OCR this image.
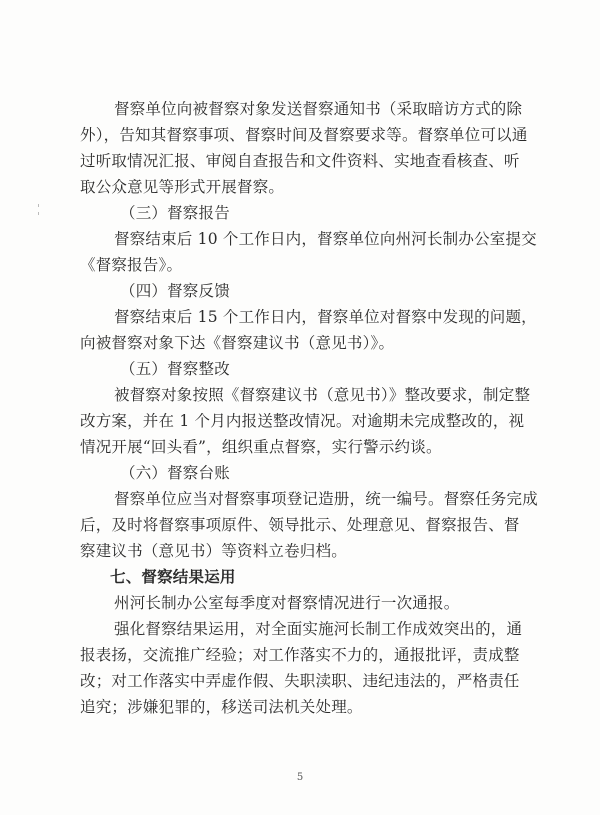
督察单位向被督察对象发送督察通知书（采取暗访方式的除
外），告知其督察事项、督察时间及督察要求等。督察单位可以通
过听取情况汇报、审阅自查报告和文件资料、实地查看核查、听
取公众意见等形式开展督察。
（三）督察报告
督察结束后 10 个工作日内，督察单位向州河长制办公室提交
《督察报告》。
（四）督察反馈
督察结束后 15 个工作日内，督察单位对督察中发现的问题，
向被督察对象下达《督察建议书（意见书）》。
（五）督察整改
被督察对象按照《督察建议书（意见书）》整改要求，制定整
改方案，并在 1 个月内报送整改情况。对逾期未完成整改的，视
情况开展“回头看”，组织重点督察，实行警示约谈。
（六）督察台账
督察单位应当对督察事项登记造册，统一编号。督察任务完成
后，及时将督察事项原件、领导批示、处理意见、督察报告、督
察建议书（意见书）等资料立卷归档。
七、督察结果运用
州河长制办公室每季度对督察情况进行一次通报。
强化督察结果运用，对全面实施河长制工作成效突出的，通
报表扬，交流推广经验；对工作落实不力的，通报批评，责成整
改；对工作落实中弄虚作假、失职渎职、违纪违法的，严格责任
追究；涉嫌犯罪的，移送司法机关处理。
5
